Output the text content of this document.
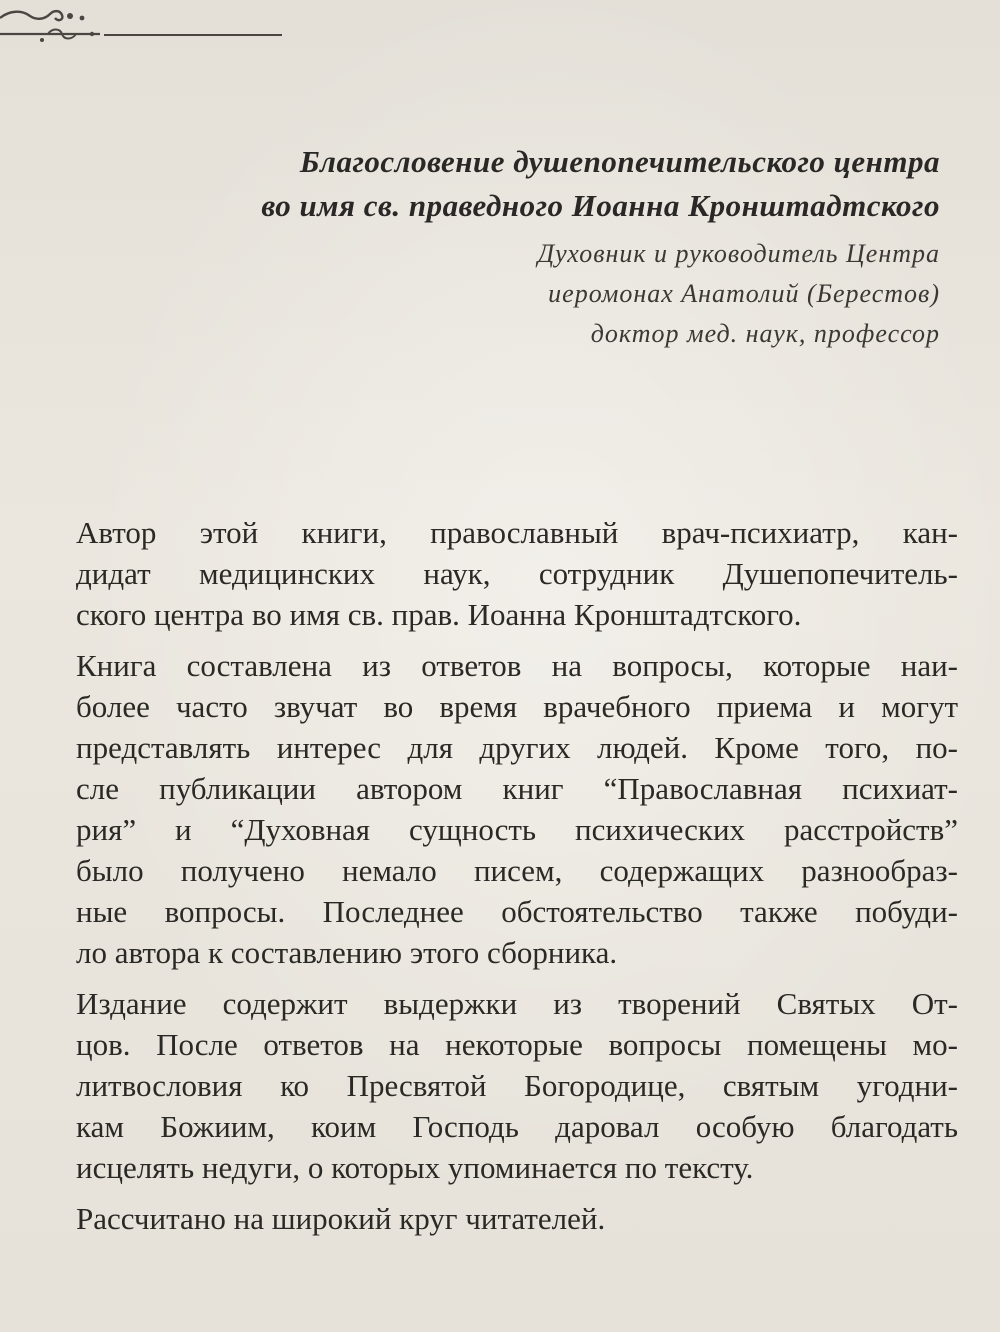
Благословение душепопечительского центра
во имя св. праведного Иоанна Кронштадтского
Духовник и руководитель Центра
иеромонах Анатолий (Берестов)
доктор мед. наук, профессор
Автор этой книги, православный врач-психиатр, кан-
дидат медицинских наук, сотрудник Душепопечитель-
ского центра во имя св. прав. Иоанна Кронштадтского.
Книга составлена из ответов на вопросы, которые наи-
более часто звучат во время врачебного приема и могут
представлять интерес для других людей. Кроме того, по-
сле публикации автором книг “Православная психиат-
рия” и “Духовная сущность психических расстройств”
было получено немало писем, содержащих разнообраз-
ные вопросы. Последнее обстоятельство также побуди-
ло автора к составлению этого сборника.
Издание содержит выдержки из творений Святых От-
цов. После ответов на некоторые вопросы помещены мо-
литвословия ко Пресвятой Богородице, святым угодни-
кам Божиим, коим Господь даровал особую благодать
исцелять недуги, о которых упоминается по тексту.
Рассчитано на широкий круг читателей.
